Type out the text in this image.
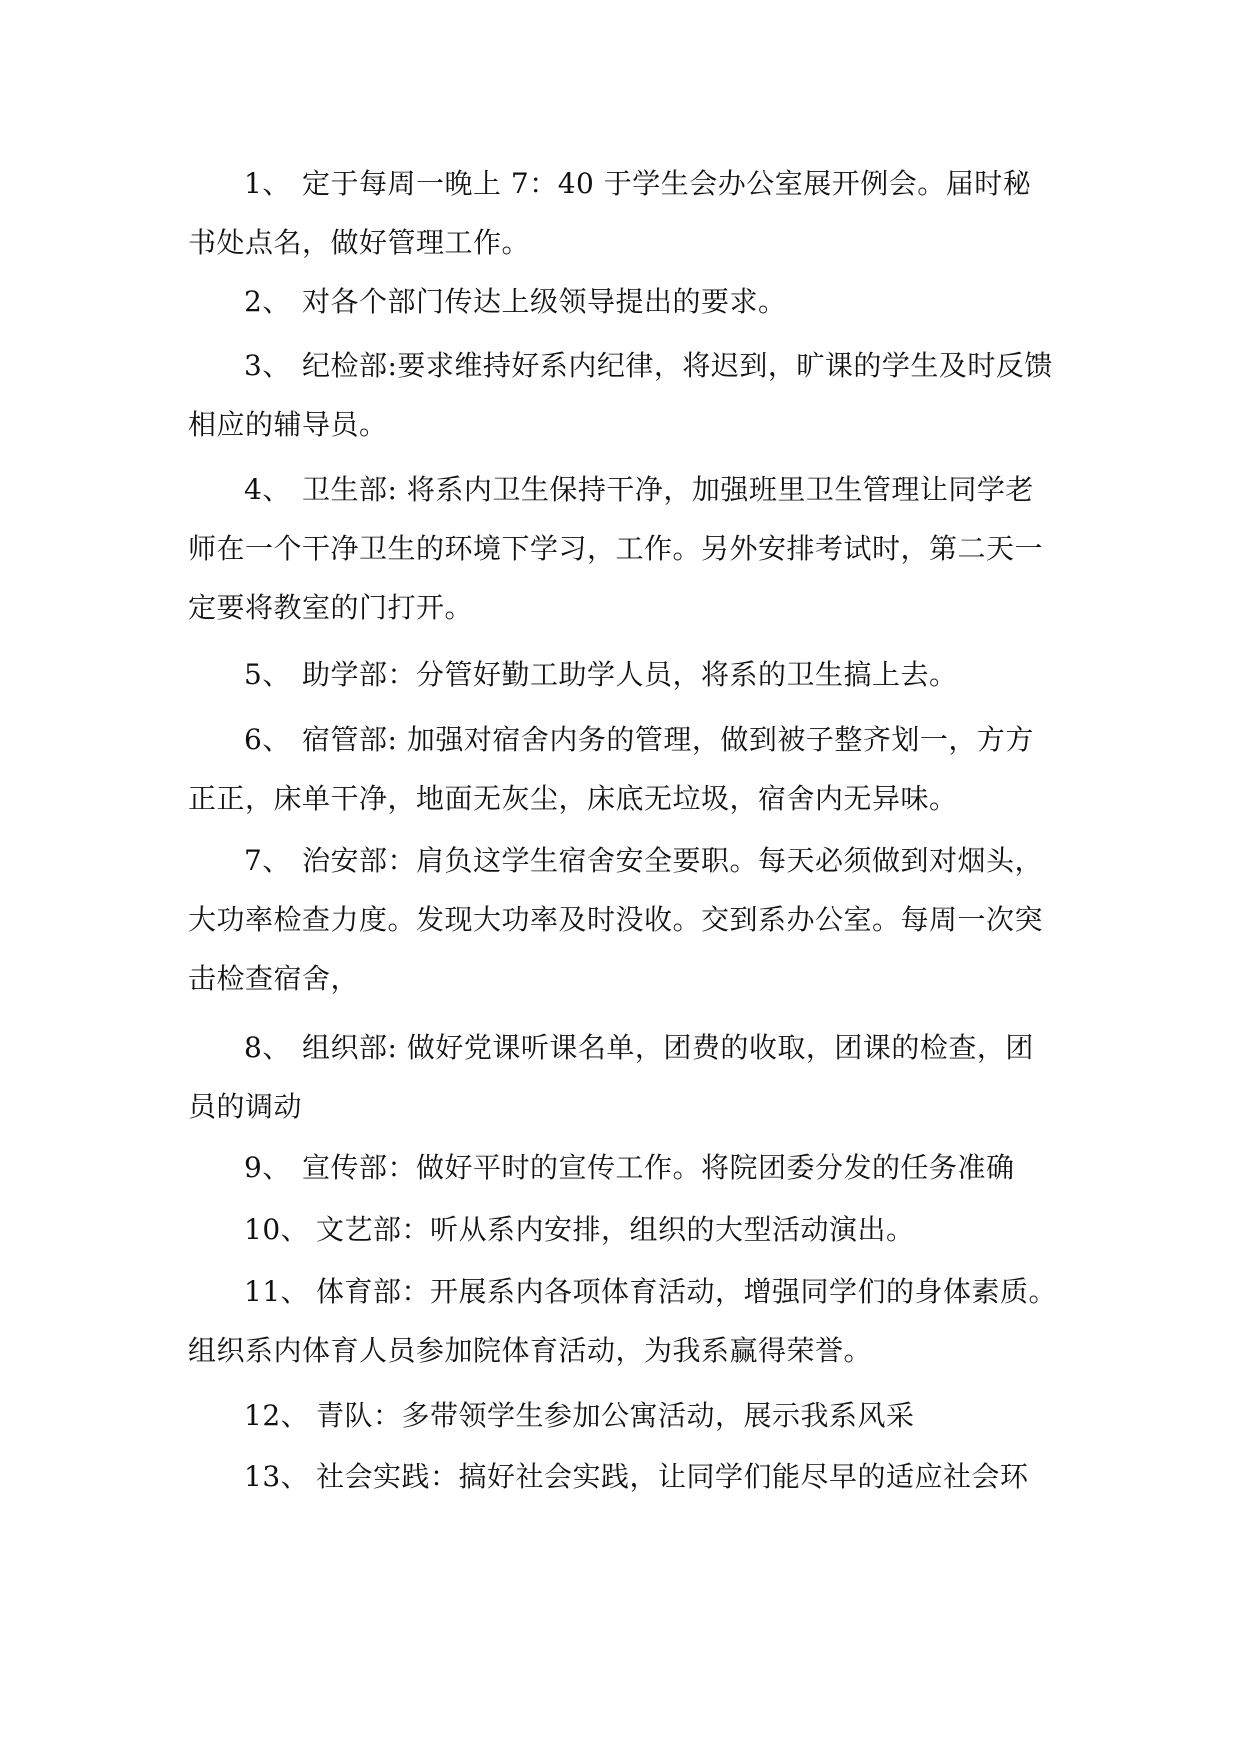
1、 定于每周一晚上 7：40 于学生会办公室展开例会。届时秘书处点名，做好管理工作。

2、 对各个部门传达上级领导提出的要求。

3、 纪检部:要求维持好系内纪律，将迟到，旷课的学生及时反馈相应的辅导员。

4、 卫生部: 将系内卫生保持干净，加强班里卫生管理让同学老师在一个干净卫生的环境下学习，工作。另外安排考试时，第二天一定要将教室的门打开。

5、 助学部：分管好勤工助学人员，将系的卫生搞上去。

6、 宿管部: 加强对宿舍内务的管理，做到被子整齐划一，方方正正，床单干净，地面无灰尘，床底无垃圾，宿舍内无异味。

7、 治安部：肩负这学生宿舍安全要职。每天必须做到对烟头，大功率检查力度。发现大功率及时没收。交到系办公室。每周一次突击检查宿舍，

8、 组织部: 做好党课听课名单，团费的收取，团课的检查，团员的调动

9、 宣传部：做好平时的宣传工作。将院团委分发的任务准确

10、 文艺部：听从系内安排，组织的大型活动演出。

11、 体育部：开展系内各项体育活动，增强同学们的身体素质。组织系内体育人员参加院体育活动，为我系赢得荣誉。

12、 青队：多带领学生参加公寓活动，展示我系风采

13、 社会实践：搞好社会实践，让同学们能尽早的适应社会环
